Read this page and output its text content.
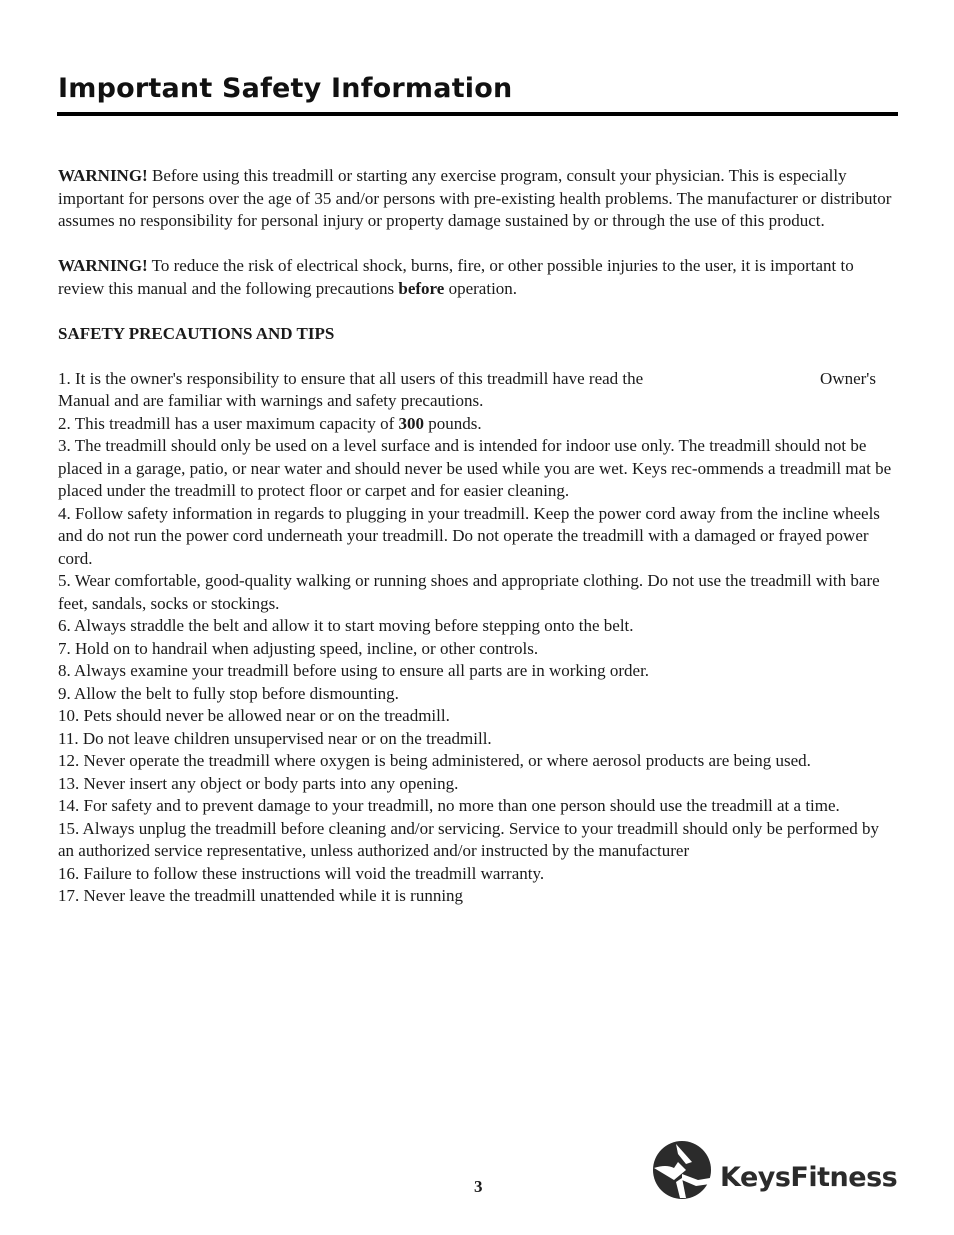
Important Safety Information

WARNING! Before using this treadmill or starting any exercise program, consult your physician. This is especially important for persons over the age of 35 and/or persons with pre-existing health problems. The manufacturer or distributor assumes no responsibility for personal injury or property damage sustained by or through the use of this product.

WARNING! To reduce the risk of electrical shock, burns, fire, or other possible injuries to the user, it is important to review this manual and the following precautions before operation.

SAFETY PRECAUTIONS AND TIPS

1. It is the owner's responsibility to ensure that all users of this treadmill have read the	Owner's

Manual and are familiar with warnings and safety precautions.

2. This treadmill has a user maximum capacity of 300 pounds.

3. The treadmill should only be used on a level surface and is intended for indoor use only. The treadmill should not be placed in a garage, patio, or near water and should never be used while you are wet. Keys rec-ommends a treadmill mat be placed under the treadmill to protect floor or carpet and for easier cleaning.

4. Follow safety information in regards to plugging in your treadmill. Keep the power cord away from the incline wheels and do not run the power cord underneath your treadmill. Do not operate the treadmill with a damaged or frayed power cord.

5. Wear comfortable, good-quality walking or running shoes and appropriate clothing. Do not use the treadmill with bare feet, sandals, socks or stockings.

6. Always straddle the belt and allow it to start moving before stepping onto the belt.

7. Hold on to handrail when adjusting speed, incline, or other controls.

8. Always examine your treadmill before using to ensure all parts are in working order.

9. Allow the belt to fully stop before dismounting.

10. Pets should never be allowed near or on the treadmill.

11. Do not leave children unsupervised near or on the treadmill.

12. Never operate the treadmill where oxygen is being administered, or where aerosol products are being used.

13. Never insert any object or body parts into any opening.

14. For safety and to prevent damage to your treadmill, no more than one person should use the treadmill at a time.

15. Always unplug the treadmill before cleaning and/or servicing. Service to your treadmill should only be performed by an authorized service representative, unless authorized and/or instructed by the manufacturer

16. Failure to follow these instructions will void the treadmill warranty.

17. Never leave the treadmill unattended while it is running

3	KeysFitness
